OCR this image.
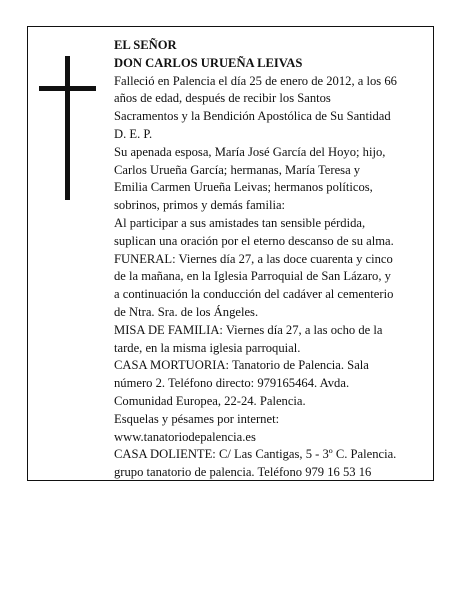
EL SEÑOR
DON CARLOS URUEÑA LEIVAS
Falleció en Palencia el día 25 de enero de 2012, a los 66
años de edad, después de recibir los Santos
Sacramentos y la Bendición Apostólica de Su Santidad
D. E. P.
Su apenada esposa, María José García del Hoyo; hijo,
Carlos Urueña García; hermanas, María Teresa y
Emilia Carmen Urueña Leivas; hermanos políticos,
sobrinos, primos y demás familia:
Al participar a sus amistades tan sensible pérdida,
suplican una oración por el eterno descanso de su alma.
FUNERAL: Viernes día 27, a las doce cuarenta y cinco
de la mañana, en la Iglesia Parroquial de San Lázaro, y
a continuación la conducción del cadáver al cementerio
de Ntra. Sra. de los Ángeles.
MISA DE FAMILIA: Viernes día 27, a las ocho de la
tarde, en la misma iglesia parroquial.
CASA MORTUORIA: Tanatorio de Palencia. Sala
número 2. Teléfono directo: 979165464. Avda.
Comunidad Europea, 22-24. Palencia.
Esquelas y pésames por internet:
www.tanatoriodepalencia.es
CASA DOLIENTE: C/ Las Cantigas, 5 - 3º C. Palencia.
grupo tanatorio de palencia. Teléfono 979 16 53 16
